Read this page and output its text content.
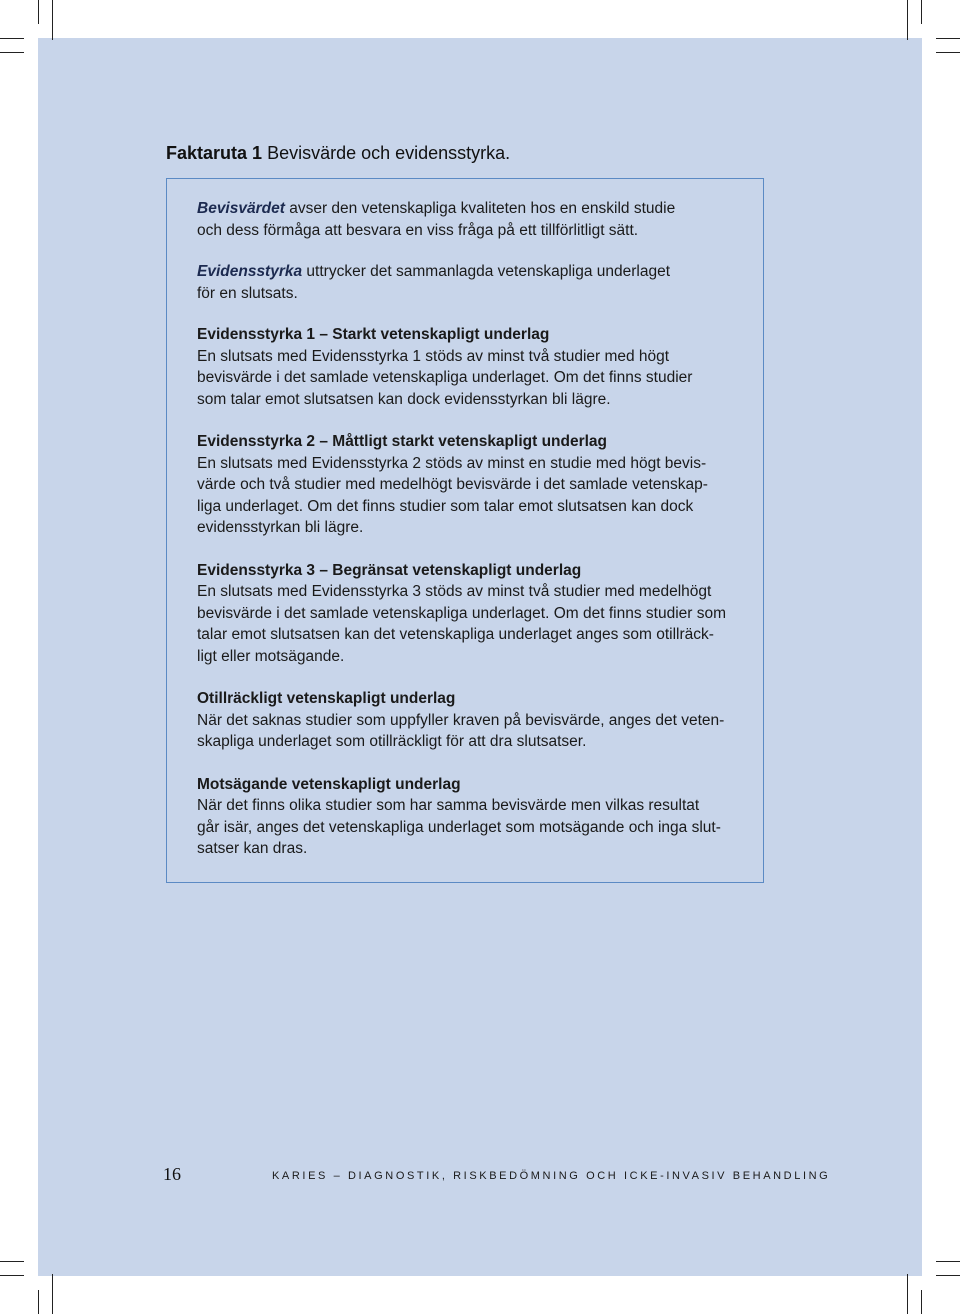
Faktaruta 1 Bevisvärde och evidensstyrka.

Bevisvärdet avser den vetenskapliga kvaliteten hos en enskild studie
och dess förmåga att besvara en viss fråga på ett tillförlitligt sätt.

Evidensstyrka uttrycker det sammanlagda vetenskapliga underlaget
för en slutsats.

Evidensstyrka 1 – Starkt vetenskapligt underlag
En slutsats med Evidensstyrka 1 stöds av minst två studier med högt
bevisvärde i det samlade vetenskapliga underlaget. Om det finns studier
som talar emot slutsatsen kan dock evidensstyrkan bli lägre.

Evidensstyrka 2 – Måttligt starkt vetenskapligt underlag
En slutsats med Evidensstyrka 2 stöds av minst en studie med högt bevis-
värde och två studier med medelhögt bevisvärde i det samlade vetenskap-
liga underlaget. Om det finns studier som talar emot slutsatsen kan dock
evidensstyrkan bli lägre.

Evidensstyrka 3 – Begränsat vetenskapligt underlag
En slutsats med Evidensstyrka 3 stöds av minst två studier med medelhögt
bevisvärde i det samlade vetenskapliga underlaget. Om det finns studier som
talar emot slutsatsen kan det vetenskapliga underlaget anges som otillräck-
ligt eller motsägande.

Otillräckligt vetenskapligt underlag
När det saknas studier som uppfyller kraven på bevisvärde, anges det veten-
skapliga underlaget som otillräckligt för att dra slutsatser.

Motsägande vetenskapligt underlag
När det finns olika studier som har samma bevisvärde men vilkas resultat
går isär, anges det vetenskapliga underlaget som motsägande och inga slut-
satser kan dras.

16	KARIES – DIAGNOSTIK, RISKBEDÖMNING OCH ICKE-INVASIV BEHANDLING
